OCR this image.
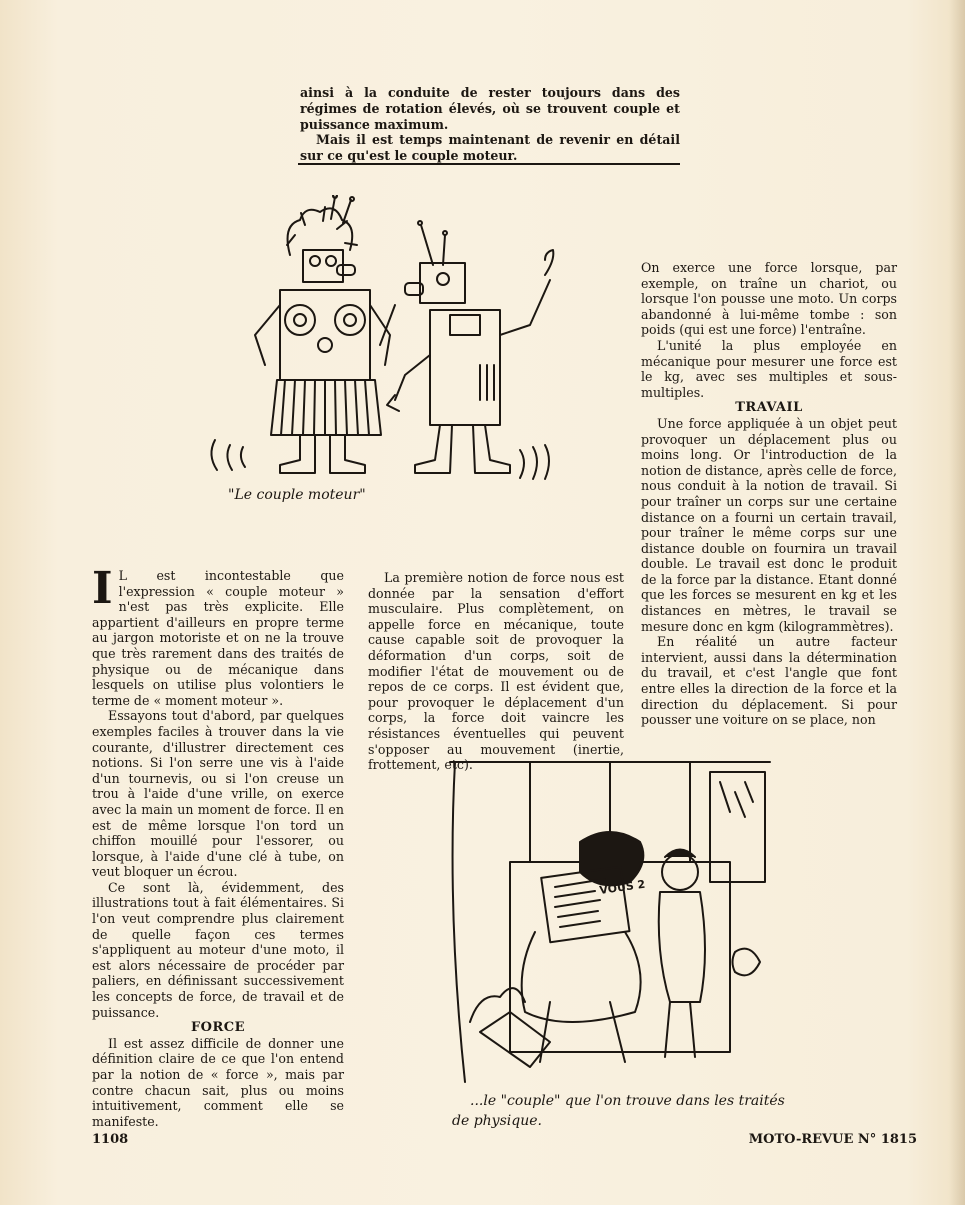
ainsi à la conduite de rester toujours dans des régimes de rotation élevés, où se trouvent couple et puissance maximum.

Mais il est temps maintenant de revenir en détail sur ce qu'est le couple moteur.

"Le couple moteur"

I L est incontestable que l'expression « couple moteur » n'est pas très explicite. Elle appartient d'ailleurs en propre terme au jargon motoriste et on ne la trouve que très rarement dans des traités de physique ou de mécanique dans lesquels on utilise plus volontiers le terme de « moment moteur ».

Essayons tout d'abord, par quelques exemples faciles à trouver dans la vie courante, d'illustrer directement ces notions. Si l'on serre une vis à l'aide d'un tournevis, ou si l'on creuse un trou à l'aide d'une vrille, on exerce avec la main un moment de force. Il en est de même lorsque l'on tord un chiffon mouillé pour l'essorer, ou lorsque, à l'aide d'une clé à tube, on veut bloquer un écrou.

Ce sont là, évidemment, des illustrations tout à fait élémentaires. Si l'on veut comprendre plus clairement de quelle façon ces termes s'appliquent au moteur d'une moto, il est alors nécessaire de procéder par paliers, en définissant successivement les concepts de force, de travail et de puissance.

FORCE

Il est assez difficile de donner une définition claire de ce que l'on entend par la notion de « force », mais par contre chacun sait, plus ou moins intuitivement, comment elle se manifeste.

La première notion de force nous est donnée par la sensation d'effort musculaire. Plus complètement, on appelle force en mécanique, toute cause capable soit de provoquer la déformation d'un corps, soit de modifier l'état de mouvement ou de repos de ce corps. Il est évident que, pour provoquer le déplacement d'un corps, la force doit vaincre les résistances éventuelles qui peuvent s'opposer au mouvement (inertie, frottement, etc).

On exerce une force lorsque, par exemple, on traîne un chariot, ou lorsque l'on pousse une moto. Un corps abandonné à lui-même tombe : son poids (qui est une force) l'entraîne.

L'unité la plus employée en mécanique pour mesurer une force est le kg, avec ses multiples et sous-multiples.

TRAVAIL

Une force appliquée à un objet peut provoquer un déplacement plus ou moins long. Or l'introduction de la notion de distance, après celle de force, nous conduit à la notion de travail. Si pour traîner un corps sur une certaine distance on a fourni un certain travail, pour traîner le même corps sur une distance double on fournira un travail double. Le travail est donc le produit de la force par la distance. Etant donné que les forces se mesurent en kg et les distances en mètres, le travail se mesure donc en kgm (kilogrammètres).

En réalité un autre facteur intervient, aussi dans la détermination du travail, et c'est l'angle que font entre elles la direction de la force et la direction du déplacement. Si pour pousser une voiture on se place, non

VOUS 2
...le "couple" que l'on trouve dans les traités
de physique.
1108	MOTO-REVUE N° 1815
